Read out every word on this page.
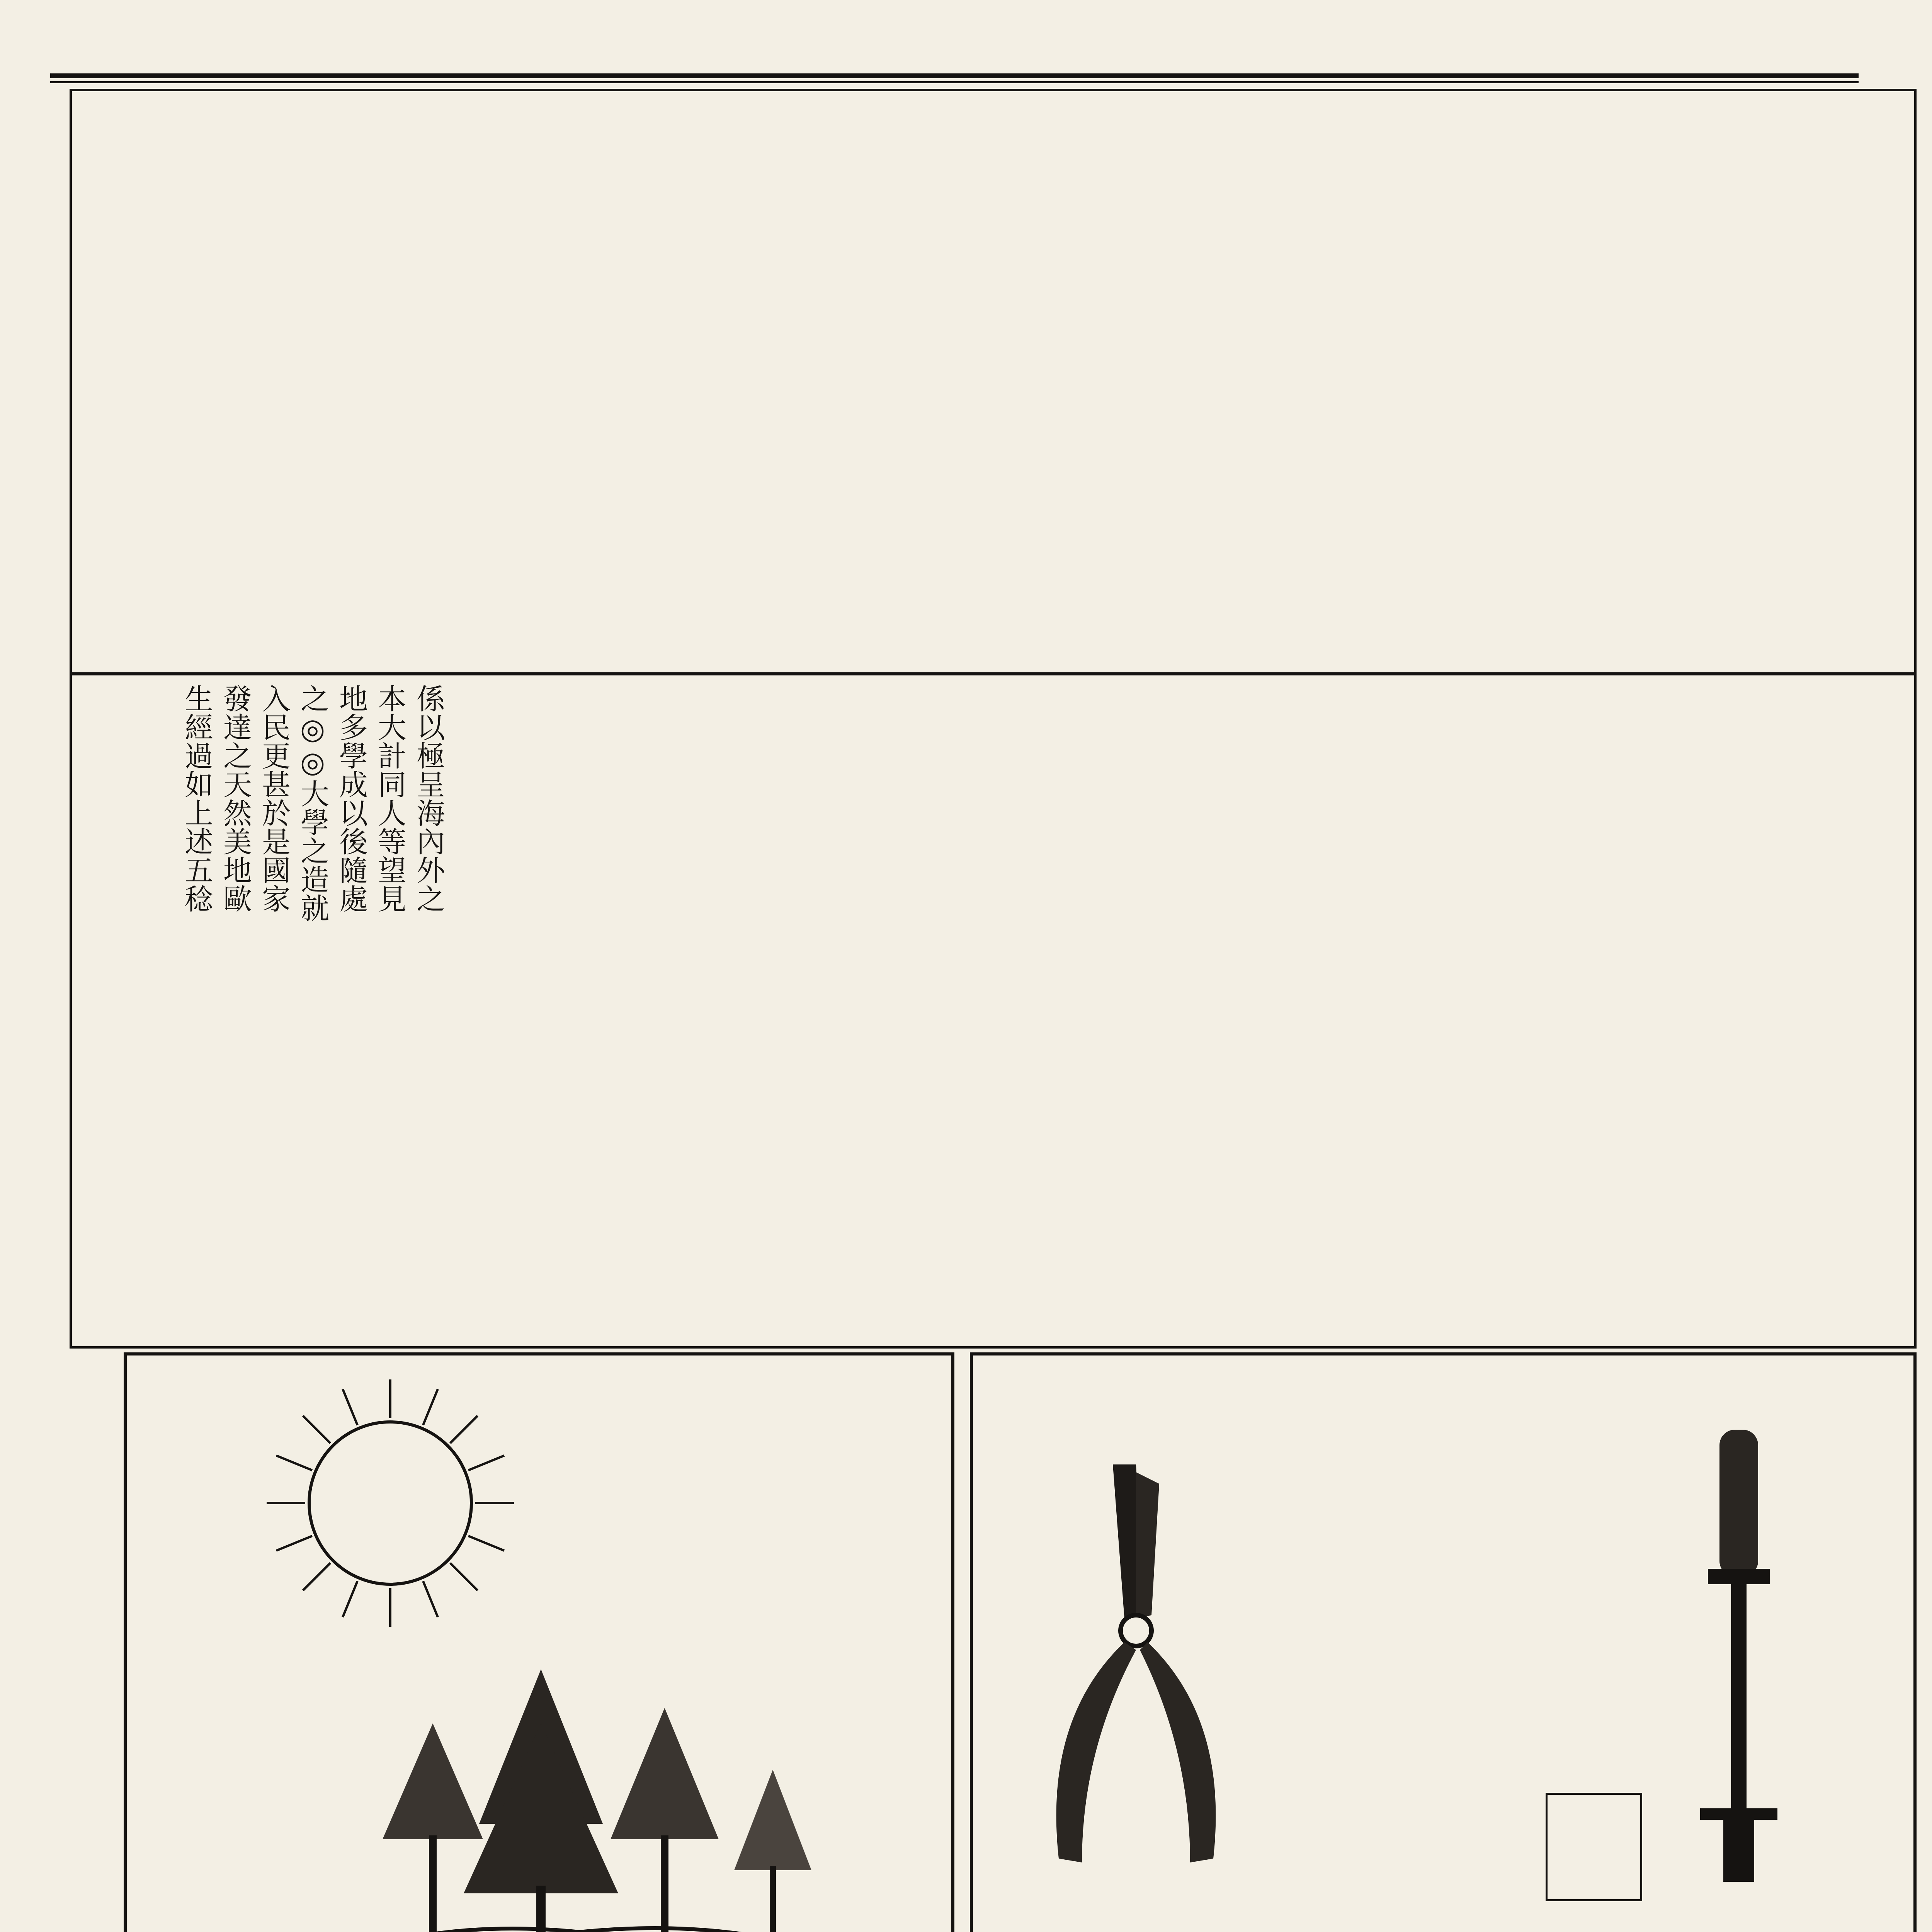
係以極呈海內外之
本大計同人等望見
地多學成以後隨處
之◎◎大學之造就
入民更甚於是國家
發達之天然美地歐
生經過如上述五稔
